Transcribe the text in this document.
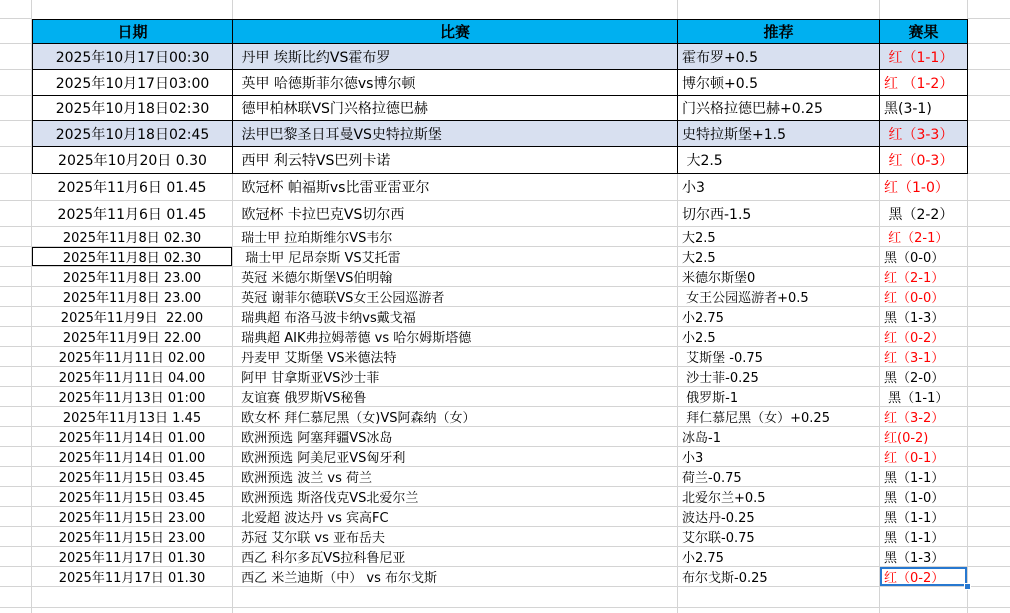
日期	比赛	推荐	赛果
2025年10月17日00:30	丹甲 埃斯比约VS霍布罗	霍布罗+0.5	红（1-1）
2025年10月17日03:00	英甲 哈德斯菲尔德vs博尔顿	博尔顿+0.5	红 （1-2）
2025年10月18日02:30	德甲柏林联VS门兴格拉德巴赫	门兴格拉德巴赫+0.25	黑(3-1)
2025年10月18日02:45	法甲巴黎圣日耳曼VS史特拉斯堡	史特拉斯堡+1.5	红（3-3）
2025年10月20日 0.30	西甲 利云特VS巴列卡诺	大2.5	红（0-3）
2025年11月6日 01.45	欧冠杯 帕福斯vs比雷亚雷亚尔	小3	红（1-0）
2025年11月6日 01.45	欧冠杯 卡拉巴克VS切尔西	切尔西-1.5	黑（2-2）
2025年11月8日 02.30	瑞士甲 拉珀斯维尔VS韦尔	大2.5	红（2-1）
2025年11月8日 02.30	瑞士甲 尼昂奈斯 VS艾托雷	大2.5	黑（0-0）
2025年11月8日 23.00	英冠 米德尔斯堡VS伯明翰	米德尔斯堡0	红（2-1）
2025年11月8日 23.00	英冠 谢菲尔德联VS女王公园巡游者	女王公园巡游者+0.5	红（0-0）
2025年11月9日  22.00	瑞典超 布洛马波卡纳vs戴戈福	小2.75	黑（1-3）
2025年11月9日 22.00	瑞典超 AIK弗拉姆蒂德 vs 哈尔姆斯塔德	小2.5	红（0-2）
2025年11月11日 02.00	丹麦甲 艾斯堡 VS米德法特	艾斯堡 -0.75	红（3-1）
2025年11月11日 04.00	阿甲 甘拿斯亚VS沙士菲	沙士菲-0.25	黑（2-0）
2025年11月13日 01:00	友谊赛 俄罗斯VS秘鲁	俄罗斯-1	黑（1-1）
2025年11月13日 1.45	欧女杯 拜仁慕尼黑（女)VS阿森纳（女）	拜仁慕尼黑（女）+0.25	红（3-2）
2025年11月14日 01.00	欧洲预选 阿塞拜疆VS冰岛	冰岛-1	红(0-2)
2025年11月14日 01.00	欧洲预选 阿美尼亚VS匈牙利	小3	红（0-1）
2025年11月15日 03.45	欧洲预选 波兰 vs 荷兰	荷兰-0.75	黑（1-1）
2025年11月15日 03.45	欧洲预选 斯洛伐克VS北爱尔兰	北爱尔兰+0.5	黑（1-0）
2025年11月15日 23.00	北爱超 波达丹 vs 宾高FC	波达丹-0.25	黑（1-1）
2025年11月15日 23.00	苏冠 艾尔联 vs 亚布岳夫	艾尔联-0.75	黑（1-1）
2025年11月17日 01.30	西乙 科尔多瓦VS拉科鲁尼亚	小2.75	黑（1-3）
2025年11月17日 01.30	西乙 米兰迪斯（中） vs 布尔戈斯	布尔戈斯-0.25	红（0-2）
